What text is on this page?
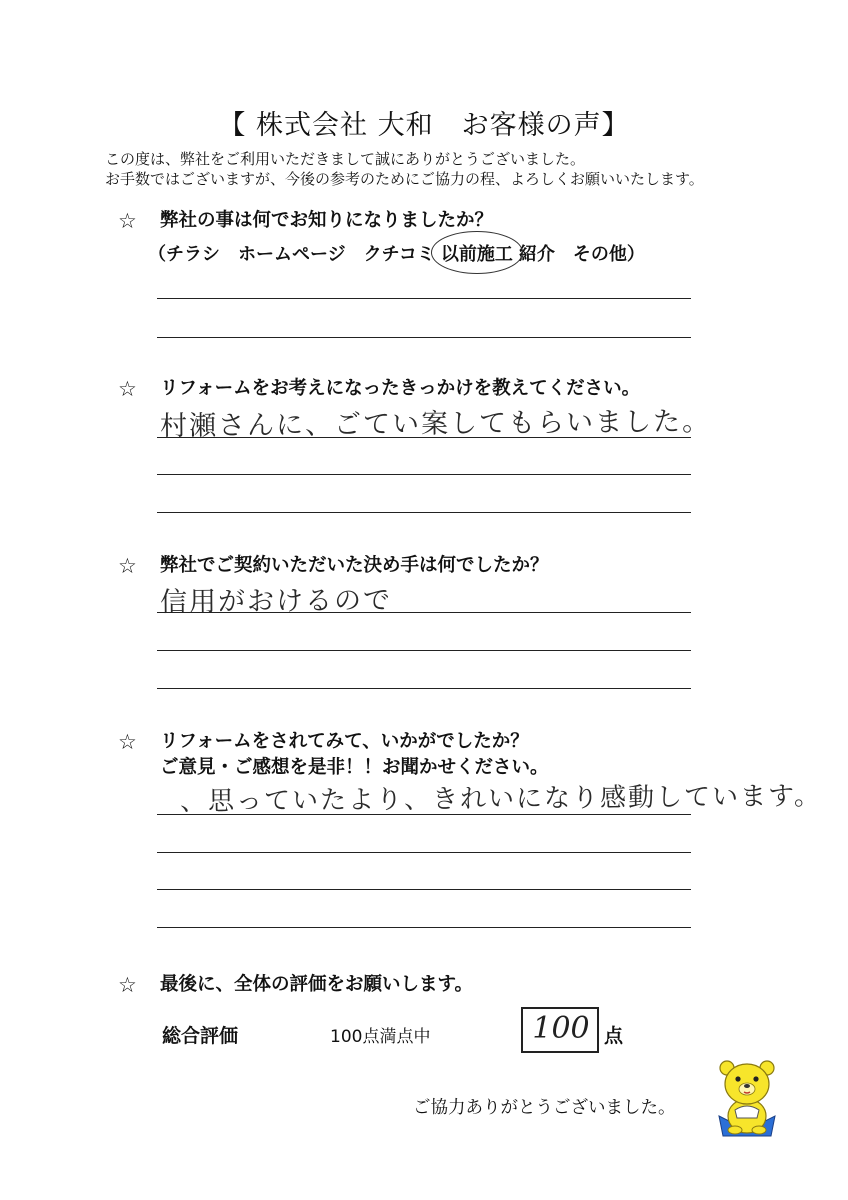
【 株式会社 大和 お客様の声】
この度は、弊社をご利用いただきまして誠にありがとうございました。
お手数ではございますが、今後の参考のためにご協力の程、よろしくお願いいたします。
☆ 弊社の事は何でお知りになりましたか？
（チラシ　ホームページ　クチコミ 以前施工 紹介　その他）
☆ リフォームをお考えになったきっかけを教えてください。
村瀬さんに、ごてい案してもらいました。
☆ 弊社でご契約いただいた決め手は何でしたか？
信用がおけるので
☆ リフォームをされてみて、いかがでしたか？
ご意見・ご感想を是非！！お聞かせください。
、思っていたより、きれいになり感動しています。
☆ 最後に、全体の評価をお願いします。
総合評価	100点満点中	100 点
ご協力ありがとうございました。
